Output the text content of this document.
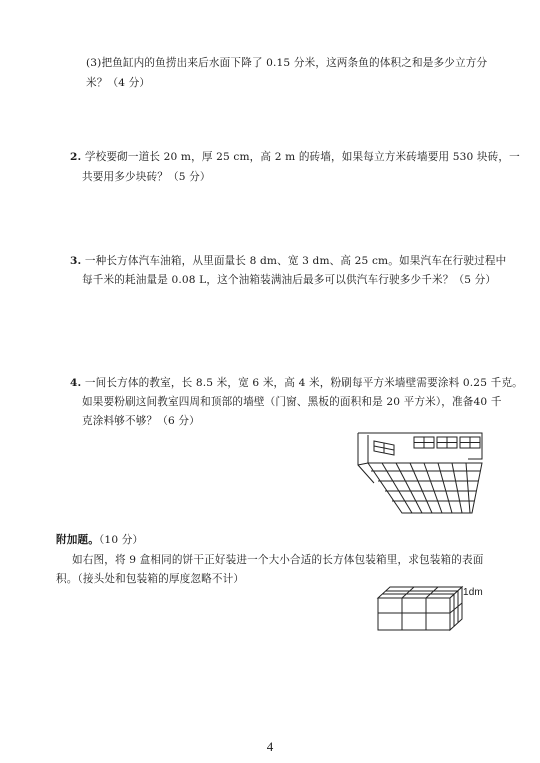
(3)把鱼缸内的鱼捞出来后水面下降了 0.15 分米，这两条鱼的体积之和是多少立方分
米？（4 分）
2. 学校要砌一道长 20 m，厚 25 cm，高 2 m 的砖墙，如果每立方米砖墙要用 530 块砖，一
共要用多少块砖？（5 分）
3. 一种长方体汽车油箱，从里面量长 8 dm、宽 3 dm、高 25 cm。如果汽车在行驶过程中
每千米的耗油量是 0.08 L，这个油箱装满油后最多可以供汽车行驶多少千米？（5 分）
4. 一间长方体的教室，长 8.5 米，宽 6 米，高 4 米，粉刷每平方米墙壁需要涂料 0.25 千克。
如果要粉刷这间教室四周和顶部的墙壁（门窗、黑板的面积和是 20 平方米），准备40 千
克涂料够不够？（6 分）
附加题。（10 分）
如右图，将 9 盒相同的饼干正好装进一个大小合适的长方体包装箱里，求包装箱的表面
积。（接头处和包装箱的厚度忽略不计）
1dm
4
